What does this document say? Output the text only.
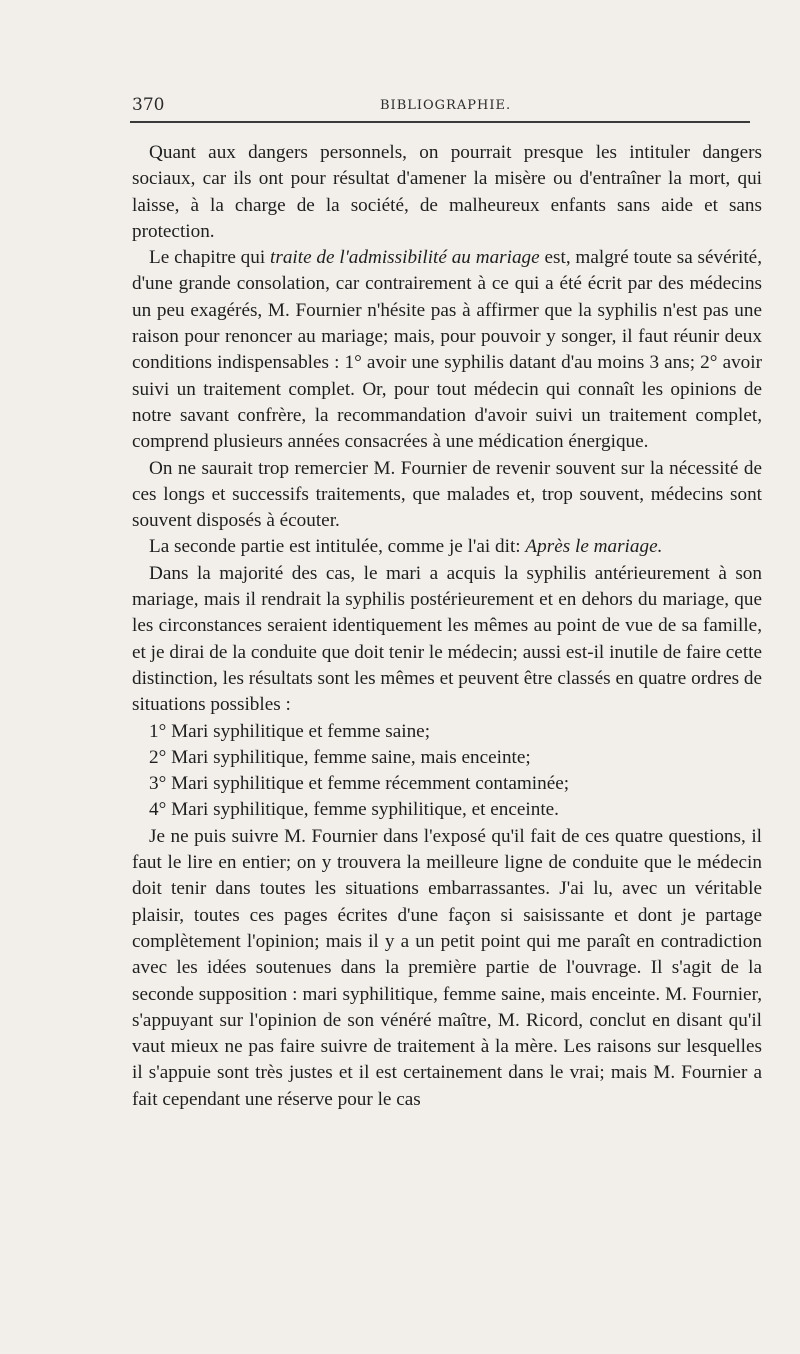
370	BIBLIOGRAPHIE.

Quant aux dangers personnels, on pourrait presque les intituler dangers sociaux, car ils ont pour résultat d'amener la misère ou d'entraîner la mort, qui laisse, à la charge de la société, de malheureux enfants sans aide et sans protection.

Le chapitre qui traite de l'admissibilité au mariage est, malgré toute sa sévérité, d'une grande consolation, car contrairement à ce qui a été écrit par des médecins un peu exagérés, M. Fournier n'hésite pas à affirmer que la syphilis n'est pas une raison pour renoncer au mariage; mais, pour pouvoir y songer, il faut réunir deux conditions indispensables : 1° avoir une syphilis datant d'au moins 3 ans; 2° avoir suivi un traitement complet. Or, pour tout médecin qui connaît les opinions de notre savant confrère, la recommandation d'avoir suivi un traitement complet, comprend plusieurs années consacrées à une médication énergique.

On ne saurait trop remercier M. Fournier de revenir souvent sur la nécessité de ces longs et successifs traitements, que malades et, trop souvent, médecins sont souvent disposés à écouter.

La seconde partie est intitulée, comme je l'ai dit: Après le mariage.

Dans la majorité des cas, le mari a acquis la syphilis antérieurement à son mariage, mais il rendrait la syphilis postérieurement et en dehors du mariage, que les circonstances seraient identiquement les mêmes au point de vue de sa famille, et je dirai de la conduite que doit tenir le médecin; aussi est-il inutile de faire cette distinction, les résultats sont les mêmes et peuvent être classés en quatre ordres de situations possibles :

1° Mari syphilitique et femme saine;

2° Mari syphilitique, femme saine, mais enceinte;

3° Mari syphilitique et femme récemment contaminée;

4° Mari syphilitique, femme syphilitique, et enceinte.

Je ne puis suivre M. Fournier dans l'exposé qu'il fait de ces quatre questions, il faut le lire en entier; on y trouvera la meilleure ligne de conduite que le médecin doit tenir dans toutes les situations embarrassantes. J'ai lu, avec un véritable plaisir, toutes ces pages écrites d'une façon si saisissante et dont je partage complètement l'opinion; mais il y a un petit point qui me paraît en contradiction avec les idées soutenues dans la première partie de l'ouvrage. Il s'agit de la seconde supposition : mari syphilitique, femme saine, mais enceinte. M. Fournier, s'appuyant sur l'opinion de son vénéré maître, M. Ricord, conclut en disant qu'il vaut mieux ne pas faire suivre de traitement à la mère. Les raisons sur lesquelles il s'appuie sont très justes et il est certainement dans le vrai; mais M. Fournier a fait cependant une réserve pour le cas
